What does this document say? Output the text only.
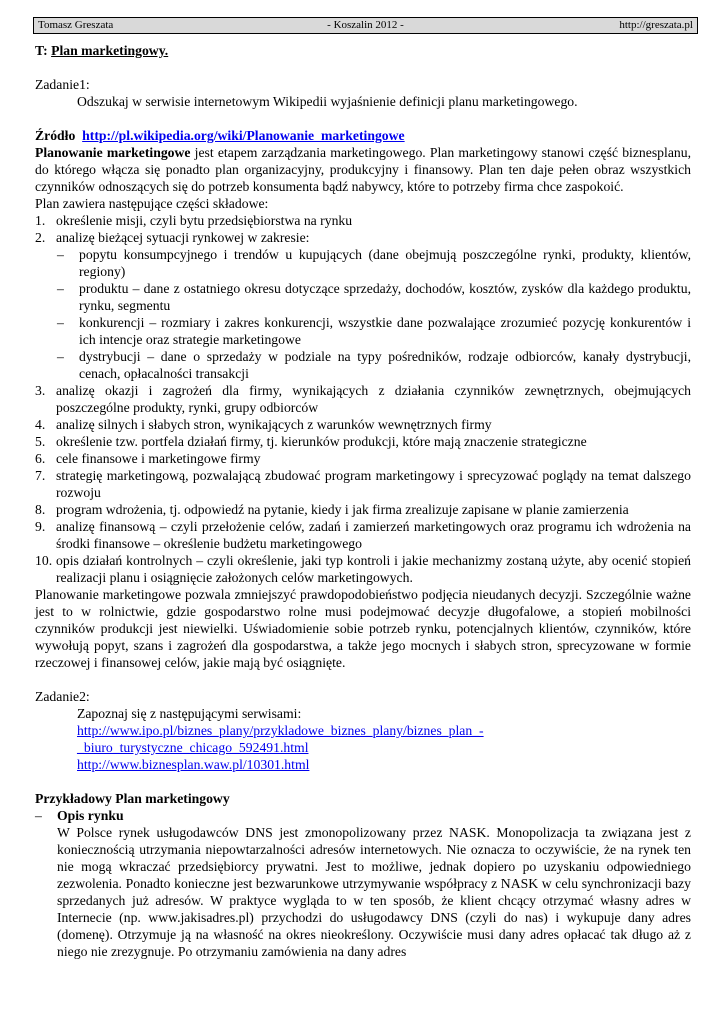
- Koszalin 2012 -
Tomasz Greszata	http://greszata.pl

T: Plan marketingowy.

Zadanie1:

Odszukaj w serwisie internetowym Wikipedii wyjaśnienie definicji planu marketingowego.

Źródło http://pl.wikipedia.org/wiki/Planowanie_marketingowe

Planowanie marketingowe jest etapem zarządzania marketingowego. Plan marketingowy stanowi część biznesplanu, do którego włącza się ponadto plan organizacyjny, produkcyjny i finansowy. Plan ten daje pełen obraz wszystkich czynników odnoszących się do potrzeb konsumenta bądź nabywcy, które to potrzeby firma chce zaspokoić.

Plan zawiera następujące części składowe:

1. określenie misji, czyli bytu przedsiębiorstwa na rynku
2. analizę bieżącej sytuacji rynkowej w zakresie:
– popytu konsumpcyjnego i trendów u kupujących (dane obejmują poszczególne rynki, produkty, klientów, regiony)
– produktu – dane z ostatniego okresu dotyczące sprzedaży, dochodów, kosztów, zysków dla każdego produktu, rynku, segmentu
– konkurencji – rozmiary i zakres konkurencji, wszystkie dane pozwalające zrozumieć pozycję konkurentów i ich intencje oraz strategie marketingowe
– dystrybucji – dane o sprzedaży w podziale na typy pośredników, rodzaje odbiorców, kanały dystrybucji, cenach, opłacalności transakcji
3. analizę okazji i zagrożeń dla firmy, wynikających z działania czynników zewnętrznych, obejmujących poszczególne produkty, rynki, grupy odbiorców
4. analizę silnych i słabych stron, wynikających z warunków wewnętrznych firmy
5. określenie tzw. portfela działań firmy, tj. kierunków produkcji, które mają znaczenie strategiczne
6. cele finansowe i marketingowe firmy
7. strategię marketingową, pozwalającą zbudować program marketingowy i sprecyzować poglądy na temat dalszego rozwoju
8. program wdrożenia, tj. odpowiedź na pytanie, kiedy i jak firma zrealizuje zapisane w planie zamierzenia
9. analizę finansową – czyli przełożenie celów, zadań i zamierzeń marketingowych oraz programu ich wdrożenia na środki finansowe – określenie budżetu marketingowego
10. opis działań kontrolnych – czyli określenie, jaki typ kontroli i jakie mechanizmy zostaną użyte, aby ocenić stopień realizacji planu i osiągnięcie założonych celów marketingowych.

Planowanie marketingowe pozwala zmniejszyć prawdopodobieństwo podjęcia nieudanych decyzji. Szczególnie ważne jest to w rolnictwie, gdzie gospodarstwo rolne musi podejmować decyzje długofalowe, a stopień mobilności czynników produkcji jest niewielki. Uświadomienie sobie potrzeb rynku, potencjalnych klientów, czynników, które wywołują popyt, szans i zagrożeń dla gospodarstwa, a także jego mocnych i słabych stron, sprecyzowane w formie rzeczowej i finansowej celów, jakie mają być osiągnięte.

Zadanie2:

Zapoznaj się z następującymi serwisami:

http://www.ipo.pl/biznes_plany/przykladowe_biznes_plany/biznes_plan_-
_biuro_turystyczne_chicago_592491.html

http://www.biznesplan.waw.pl/10301.html

Przykładowy Plan marketingowy

– Opis rynku

W Polsce rynek usługodawców DNS jest zmonopolizowany przez NASK. Monopolizacja ta związana jest z koniecznością utrzymania niepowtarzalności adresów internetowych. Nie oznacza to oczywiście, że na rynek ten nie mogą wkraczać przedsiębiorcy prywatni. Jest to możliwe, jednak dopiero po uzyskaniu odpowiedniego zezwolenia. Ponadto konieczne jest bezwarunkowe utrzymywanie współpracy z NASK w celu synchronizacji bazy sprzedanych już adresów. W praktyce wygląda to w ten sposób, że klient chcący otrzymać własny adres w Internecie (np. www.jakisadres.pl) przychodzi do usługodawcy DNS (czyli do nas) i wykupuje dany adres (domenę). Otrzymuje ją na własność na okres nieokreślony. Oczywiście musi dany adres opłacać tak długo aż z niego nie zrezygnuje. Po otrzymaniu zamówienia na dany adres
